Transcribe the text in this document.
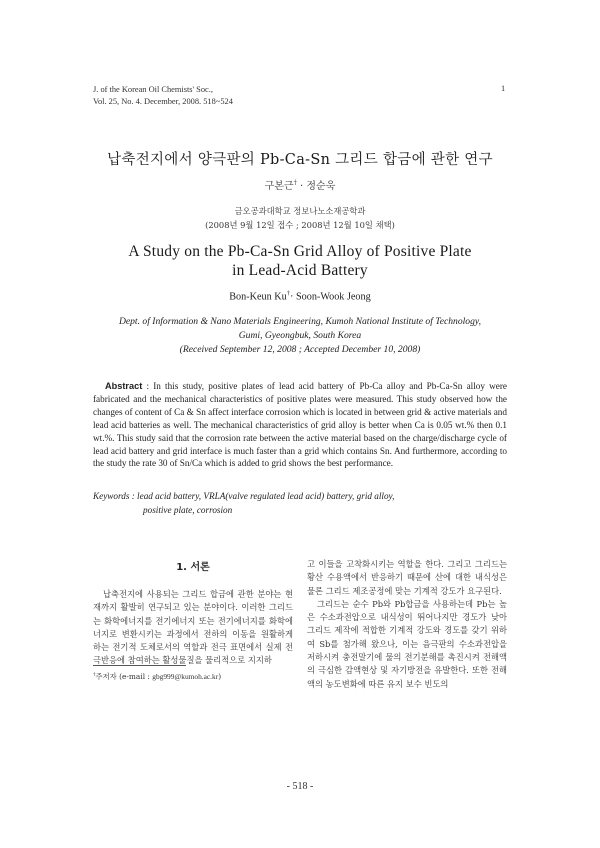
J. of the Korean Oil Chemists' Soc.,
Vol. 25, No. 4. December, 2008. 518~524
1
납축전지에서 양극판의 Pb-Ca-Sn 그리드 합금에 관한 연구
구본근† · 정순욱
금오공과대학교 정보나노소재공학과
(2008년 9월 12일 접수 ; 2008년 12월 10일 채택)
A Study on the Pb-Ca-Sn Grid Alloy of Positive Plate
in Lead-Acid Battery
Bon-Keun Ku†· Soon-Wook Jeong
Dept. of Information & Nano Materials Engineering, Kumoh National Institute of Technology,
Gumi, Gyeongbuk, South Korea
(Received September 12, 2008 ; Accepted December 10, 2008)
Abstract : In this study, positive plates of lead acid battery of Pb-Ca alloy and Pb-Ca-Sn alloy were fabricated and the mechanical characteristics of positive plates were measured. This study observed how the changes of content of Ca & Sn affect interface corrosion which is located in between grid & active materials and lead acid batteries as well. The mechanical characteristics of grid alloy is better when Ca is 0.05 wt.% then 0.1 wt.%. This study said that the corrosion rate between the active material based on the charge/discharge cycle of lead acid battery and grid interface is much faster than a grid which contains Sn. And furthermore, according to the study the rate 30 of Sn/Ca which is added to grid shows the best performance.
Keywords : lead acid battery, VRLA(valve regulated lead acid) battery, grid alloy,
positive plate, corrosion
1. 서론

납축전지에 사용되는 그리드 합금에 관한 분야는 현재까지 활발히 연구되고 있는 분야이다. 이러한 그리드는 화학에너지를 전기에너지 또는 전기에너지를 화학에너지로 변환시키는 과정에서 전하의 이동을 원활하게 하는 전기적 도체로서의 역할과 전극 표면에서 실제 전극반응에 참여하는 활성물질을 물리적으로 지지하

고 이들을 고착화시키는 역할을 한다. 그리고 그리드는 황산 수용액에서 반응하기 때문에 산에 대한 내식성은 물론 그리드 제조공정에 맞는 기계적 강도가 요구된다.

그리드는 순수 Pb와 Pb합금을 사용하는데 Pb는 높은 수소과전압으로 내식성이 뛰어나지만 경도가 낮아 그리드 제작에 적합한 기계적 강도와 경도를 갖기 위하여 Sb를 첨가해 왔으나, 이는 음극판의 수소과전압을 저하시켜 충전말기에 물의 전기분해를 촉진시켜 전해액의 극심한 감액현상 및 자기방전을 유발한다. 또한 전해액의 농도변화에 따른 유지 보수 빈도의

†주저자 (e-mail : gbg999@kumoh.ac.kr)
- 518 -
